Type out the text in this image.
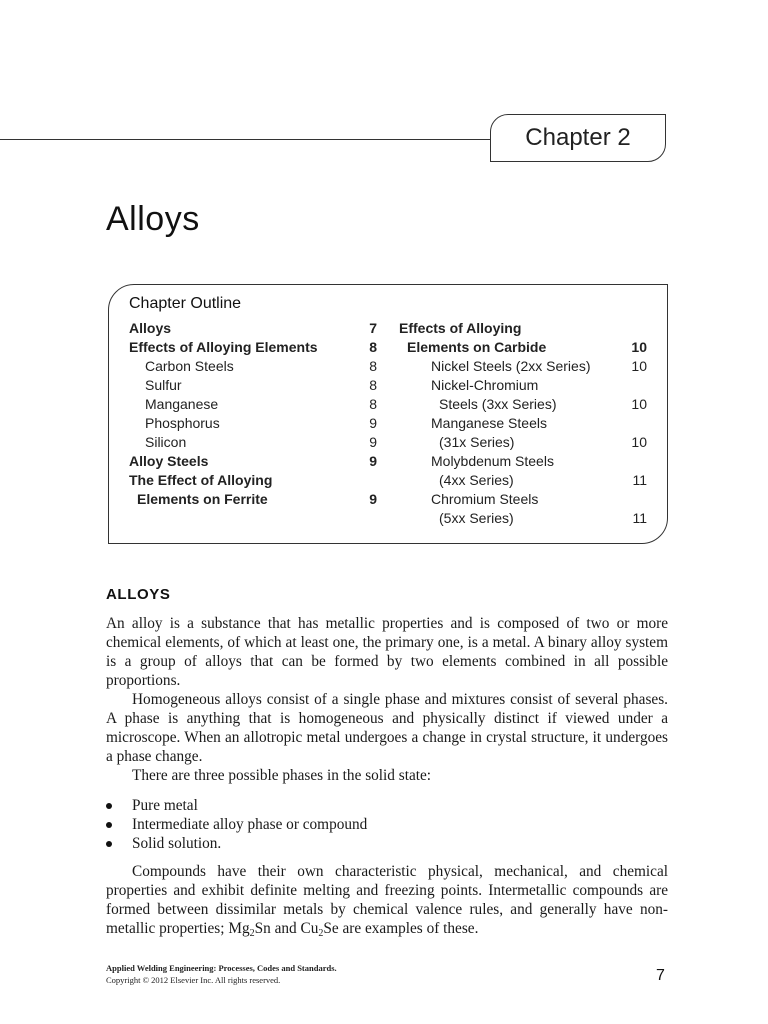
Chapter 2
Alloys
Chapter Outline
Alloys	7
Effects of Alloying Elements	8
Carbon Steels	8
Sulfur	8
Manganese	8
Phosphorus	9
Silicon	9
Alloy Steels	9
The Effect of Alloying
Elements on Ferrite	9
Effects of Alloying
Elements on Carbide	10
Nickel Steels (2xx Series)	10
Nickel-Chromium
Steels (3xx Series)	10
Manganese Steels
(31x Series)	10
Molybdenum Steels
(4xx Series)	11
Chromium Steels
(5xx Series)	11
ALLOYS

An alloy is a substance that has metallic properties and is composed of two or more chemical elements, of which at least one, the primary one, is a metal. A binary alloy system is a group of alloys that can be formed by two elements combined in all possible proportions.

Homogeneous alloys consist of a single phase and mixtures consist of several phases. A phase is anything that is homogeneous and physically distinct if viewed under a microscope. When an allotropic metal undergoes a change in crystal structure, it undergoes a phase change.

There are three possible phases in the solid state:

Pure metal
Intermediate alloy phase or compound
Solid solution.

Compounds have their own characteristic physical, mechanical, and chemical properties and exhibit definite melting and freezing points. Intermetallic compounds are formed between dissimilar metals by chemical valence rules, and generally have non-metallic properties; $Mg_2Sn$ and $Cu_2Se$ are examples of these.

Applied Welding Engineering: Processes, Codes and Standards.
Copyright © 2012 Elsevier Inc. All rights reserved.	7
